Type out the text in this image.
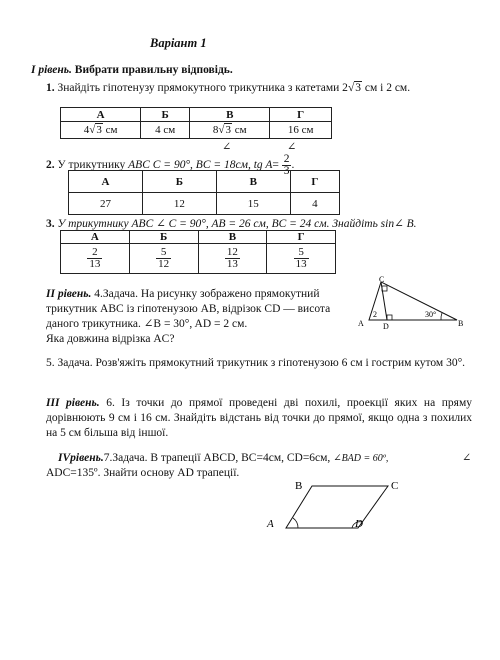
Варіант 1
І рівень. Вибрати правильну відповідь.
1. Знайдіть гіпотенузу прямокутного трикутника з катетами 2√3 см і 2 см.
А	Б	В	Г
4√3 см	4 см	8√3 см	16 см
∠	∠
2. У трикутнику ABC C = 90°, BC = 18см, tg $A= \frac{2}{3}$ .
А	Б	В	Г
27	12	15	4
3. У трикутнику ABC ∠ C = 90°, AB = 26 см, BC = 24 см. Знайдіть sin∠ B.
А	Б	В	Г

$\frac{2}{13}$	$\frac{5}{12}$	$\frac{12}{13}$	$\frac{5}{13}$
ІІ рівень. 4.Задача. На рисунку зображено прямокутний
трикутник ABC із гіпотенузою AB, відрізок CD — висота
даного трикутника. ∠B = 30°, AD = 2 см.
Яка довжина відрізка AC?
C
A D	B
2	30°

5. Задача. Розв'яжіть прямокутний трикутник з гіпотенузою 6 см і гострим кутом 30°.

ІІІ рівень. 6. Із точки до прямої проведені дві похилі, проекції яких на пряму дорівнюють 9 см і 16 см. Знайдіть відстань від точки до прямої, якщо одна з похилих на 5 см більша від іншої.

ІVрівень.7.Задача. В трапеції ABCD, BC=4см, CD=6см, ∠BAD = 60º,	∠
ADC=135º. Знайти основу AD трапеції.
B	C
A	D
